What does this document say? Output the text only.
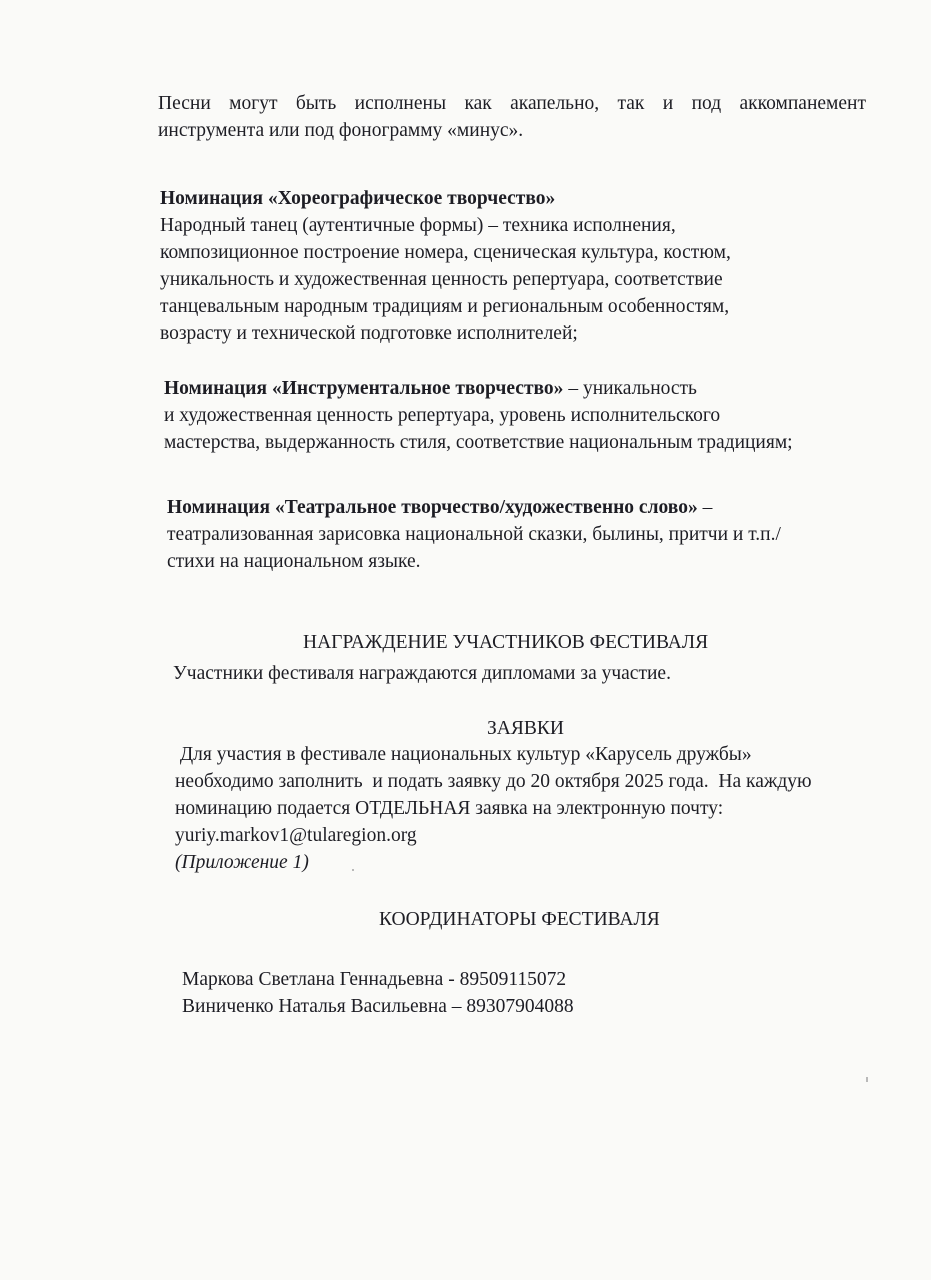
Песни могут быть исполнены как акапельно, так и под аккомпанемент
инструмента или под фонограмму «минус».
Номинация «Хореографическое творчество»
Народный танец (аутентичные формы) – техника исполнения,
композиционное построение номера, сценическая культура, костюм,
уникальность и художественная ценность репертуара, соответствие
танцевальным народным традициям и региональным особенностям,
возрасту и технической подготовке исполнителей;
Номинация «Инструментальное творчество» – уникальность
и художественная ценность репертуара, уровень исполнительского
мастерства, выдержанность стиля, соответствие национальным традициям;
Номинация «Театральное творчество/художественно слово» –
театрализованная зарисовка национальной сказки, былины, притчи и т.п./
стихи на национальном языке.
НАГРАЖДЕНИЕ УЧАСТНИКОВ ФЕСТИВАЛЯ
Участники фестиваля награждаются дипломами за участие.
ЗАЯВКИ
Для участия в фестивале национальных культур «Карусель дружбы»
необходимо заполнить  и подать заявку до 20 октября 2025 года.  На каждую
номинацию подается ОТДЕЛЬНАЯ заявка на электронную почту:
yuriy.markov1@tularegion.org
(Приложение 1)
КООРДИНАТОРЫ ФЕСТИВАЛЯ
Маркова Светлана Геннадьевна - 89509115072
Виниченко Наталья Васильевна – 89307904088
